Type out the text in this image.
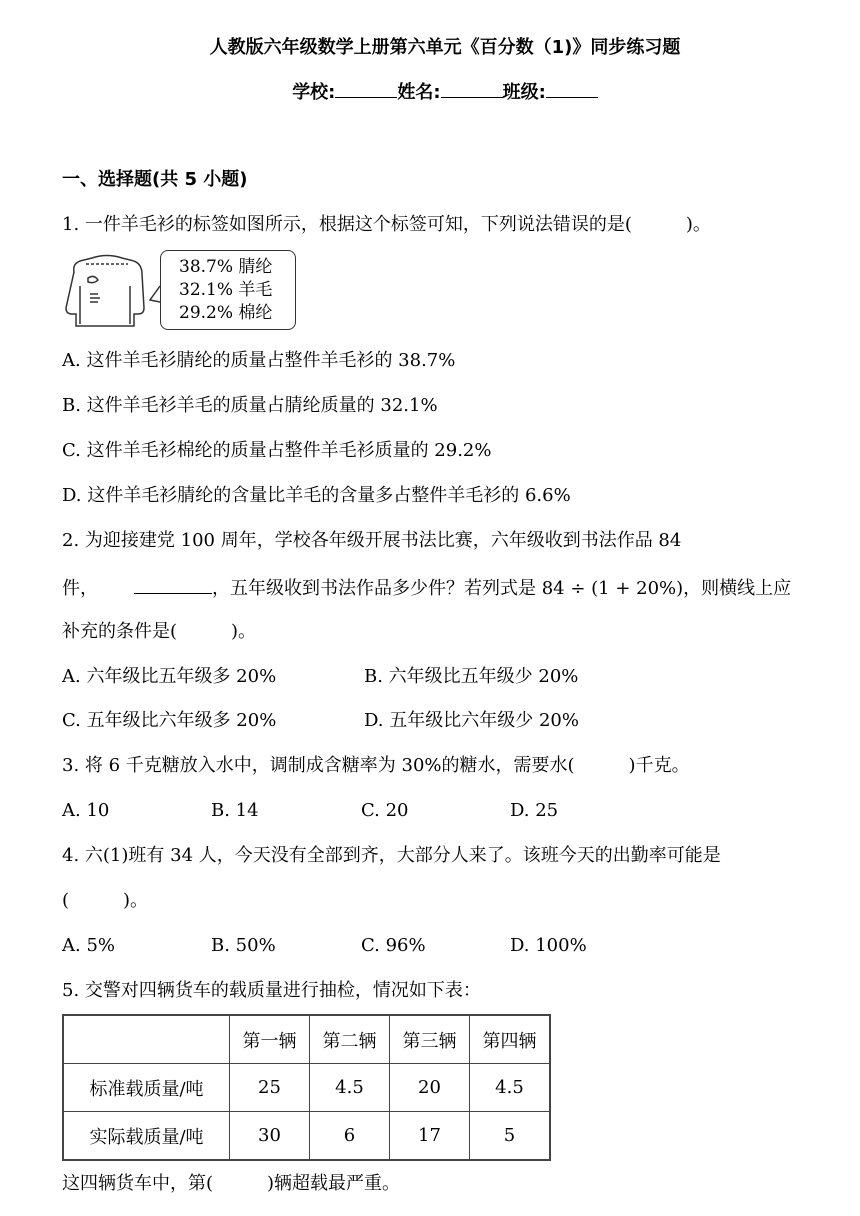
人教版六年级数学上册第六单元《百分数（1)》同步练习题
学校:	姓名:	班级:
一、选择题(共 5 小题)
1. 一件羊毛衫的标签如图所示，根据这个标签可知，下列说法错误的是(　　　)。
38.7% 腈纶
32.1% 羊毛
29.2% 棉纶
A. 这件羊毛衫腈纶的质量占整件羊毛衫的 38.7%
B. 这件羊毛衫羊毛的质量占腈纶质量的 32.1%
C. 这件羊毛衫棉纶的质量占整件羊毛衫质量的 29.2%
D. 这件羊毛衫腈纶的含量比羊毛的含量多占整件羊毛衫的 6.6%
2. 为迎接建党 100 周年，学校各年级开展书法比赛，六年级收到书法作品 84
件，	，五年级收到书法作品多少件？若列式是 84 ÷ (1 + 20%)，则横线上应
补充的条件是(　　　)。
A. 六年级比五年级多 20%	B. 六年级比五年级少 20%
C. 五年级比六年级多 20%	D. 五年级比六年级少 20%
3. 将 6 千克糖放入水中，调制成含糖率为 30%的糖水，需要水(　　　)千克。
A. 10	B. 14	C. 20	D. 25
4. 六(1)班有 34 人，今天没有全部到齐，大部分人来了。该班今天的出勤率可能是
(　　　)。
A. 5%	B. 50%	C. 96%	D. 100%
5. 交警对四辆货车的载质量进行抽检，情况如下表：
	第一辆	第二辆	第三辆	第四辆
标准载质量/吨	25	4.5	20	4.5
实际载质量/吨	30	6	17	5
这四辆货车中，第(　　　)辆超载最严重。
